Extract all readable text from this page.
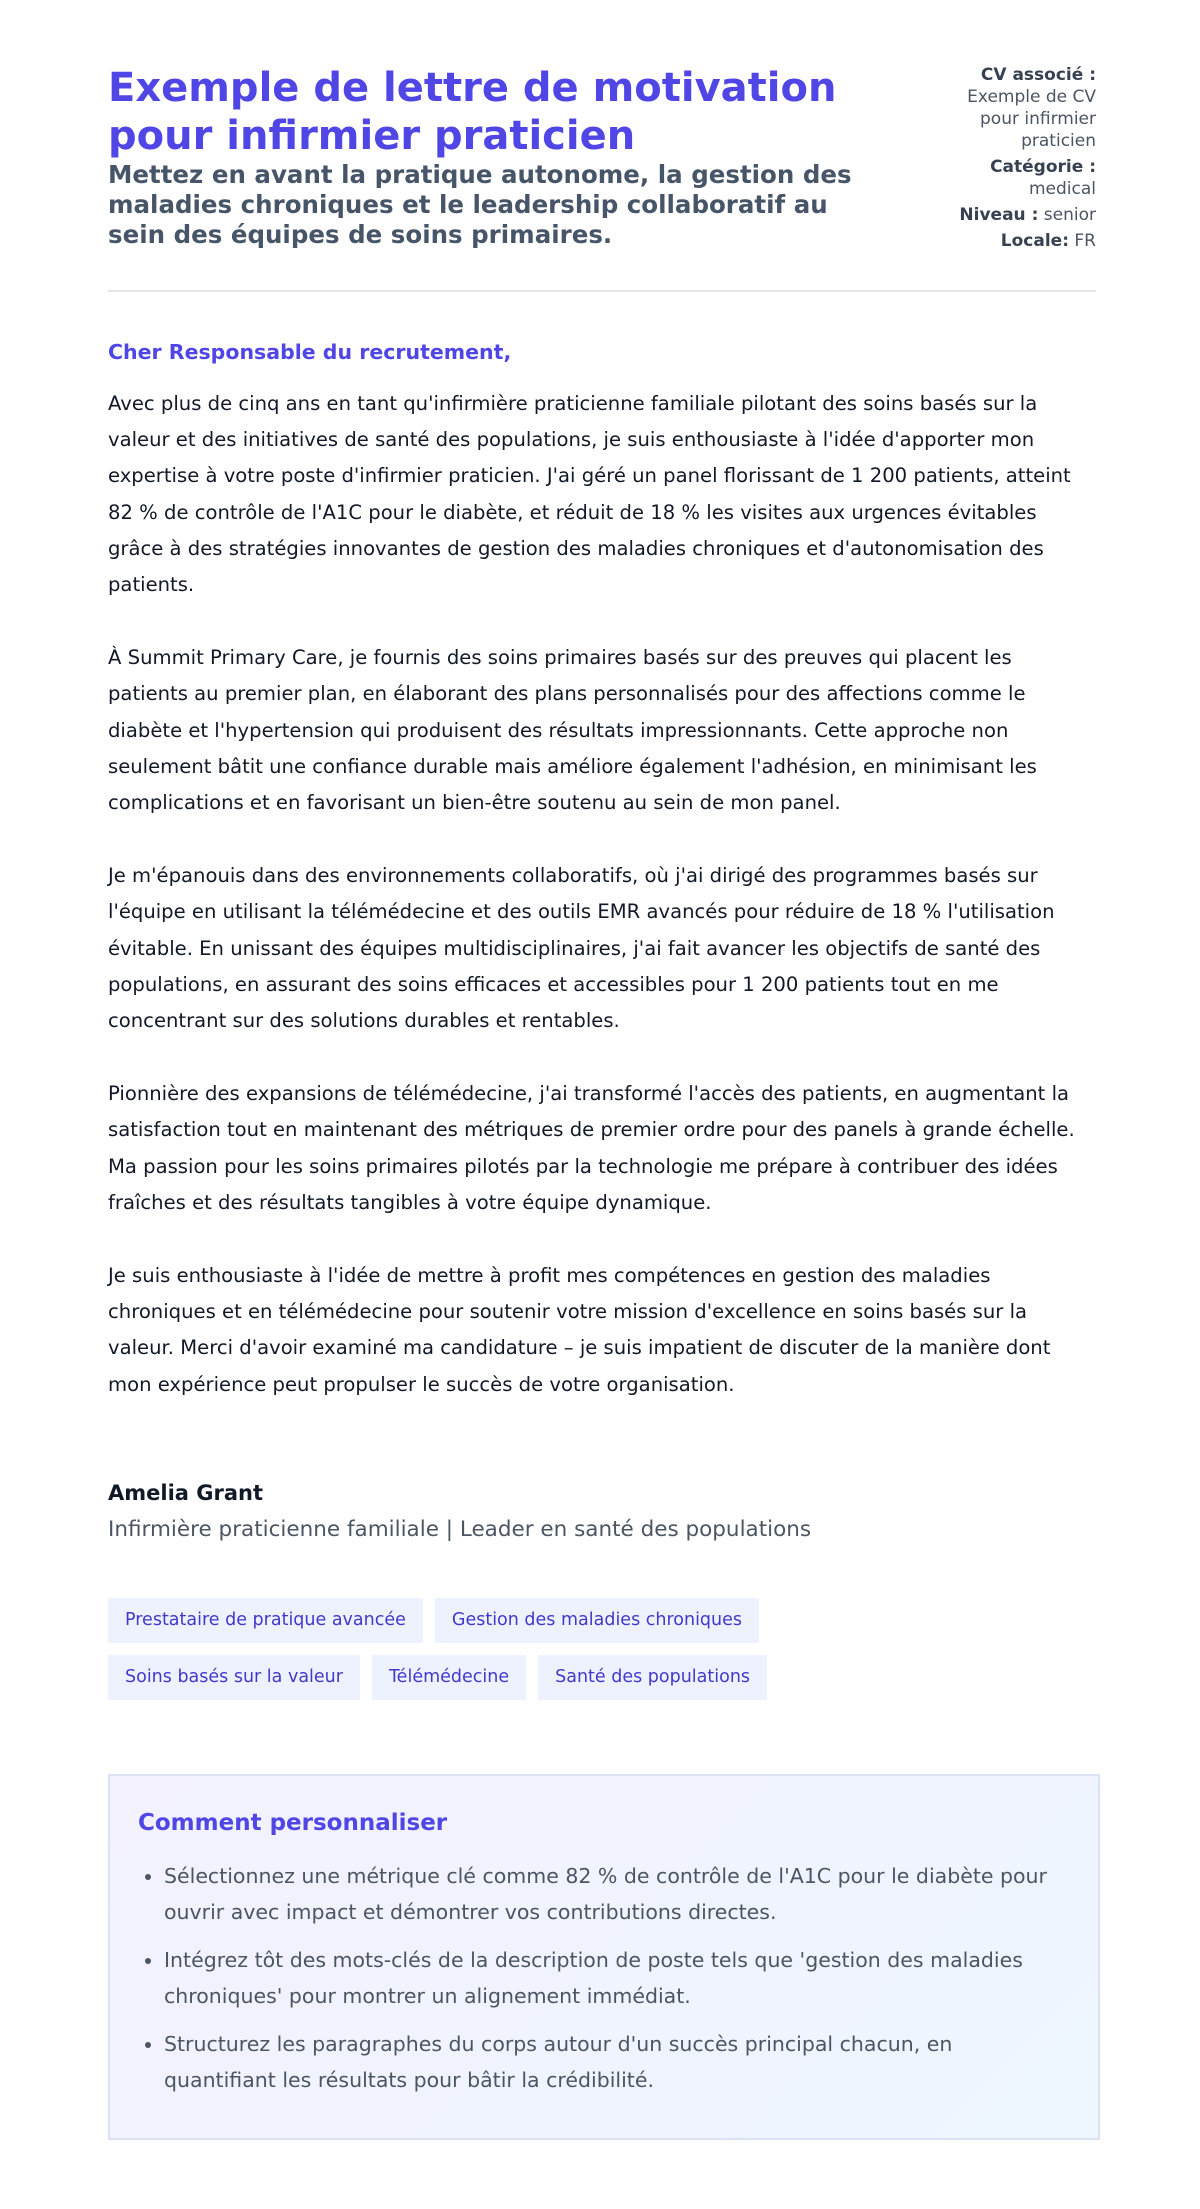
Exemple de lettre de motivation pour infirmier praticien

Mettez en avant la pratique autonome, la gestion des maladies chroniques et le leadership collaboratif au sein des équipes de soins primaires.

CV associé :
Exemple de CV pour infirmier praticien
Catégorie :
medical
Niveau : senior
Locale: FR

Cher Responsable du recrutement,

Avec plus de cinq ans en tant qu'infirmière praticienne familiale pilotant des soins basés sur la valeur et des initiatives de santé des populations, je suis enthousiaste à l'idée d'apporter mon expertise à votre poste d'infirmier praticien. J'ai géré un panel florissant de 1 200 patients, atteint 82 % de contrôle de l'A1C pour le diabète, et réduit de 18 % les visites aux urgences évitables grâce à des stratégies innovantes de gestion des maladies chroniques et d'autonomisation des patients.

À Summit Primary Care, je fournis des soins primaires basés sur des preuves qui placent les patients au premier plan, en élaborant des plans personnalisés pour des affections comme le diabète et l'hypertension qui produisent des résultats impressionnants. Cette approche non seulement bâtit une confiance durable mais améliore également l'adhésion, en minimisant les complications et en favorisant un bien-être soutenu au sein de mon panel.

Je m'épanouis dans des environnements collaboratifs, où j'ai dirigé des programmes basés sur l'équipe en utilisant la télémédecine et des outils EMR avancés pour réduire de 18 % l'utilisation évitable. En unissant des équipes multidisciplinaires, j'ai fait avancer les objectifs de santé des populations, en assurant des soins efficaces et accessibles pour 1 200 patients tout en me concentrant sur des solutions durables et rentables.

Pionnière des expansions de télémédecine, j'ai transformé l'accès des patients, en augmentant la satisfaction tout en maintenant des métriques de premier ordre pour des panels à grande échelle. Ma passion pour les soins primaires pilotés par la technologie me prépare à contribuer des idées fraîches et des résultats tangibles à votre équipe dynamique.

Je suis enthousiaste à l'idée de mettre à profit mes compétences en gestion des maladies chroniques et en télémédecine pour soutenir votre mission d'excellence en soins basés sur la valeur. Merci d'avoir examiné ma candidature – je suis impatient de discuter de la manière dont mon expérience peut propulser le succès de votre organisation.

Amelia Grant

Infirmière praticienne familiale | Leader en santé des populations

Prestataire de pratique avancée	Gestion des maladies chroniques
Soins basés sur la valeur	Télémédecine	Santé des populations
Comment personnaliser
• Sélectionnez une métrique clé comme 82 % de contrôle de l'A1C pour le diabète pour ouvrir avec impact et démontrer vos contributions directes.
• Intégrez tôt des mots-clés de la description de poste tels que 'gestion des maladies chroniques' pour montrer un alignement immédiat.
• Structurez les paragraphes du corps autour d'un succès principal chacun, en quantifiant les résultats pour bâtir la crédibilité.
